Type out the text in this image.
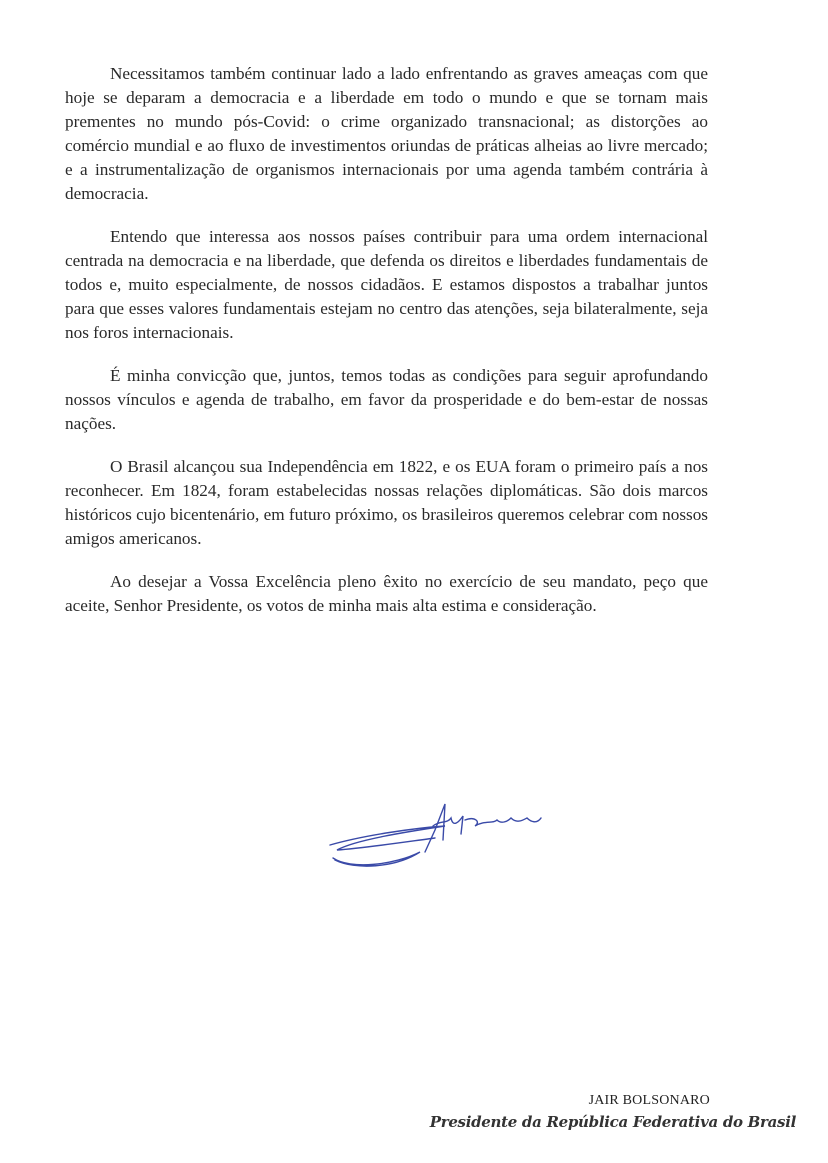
Necessitamos também continuar lado a lado enfrentando as graves ameaças com que hoje se deparam a democracia e a liberdade em todo o mundo e que se tornam mais prementes no mundo pós-Covid: o crime organizado transnacional; as distorções ao comércio mundial e ao fluxo de investimentos oriundas de práticas alheias ao livre mercado; e a instrumentalização de organismos internacionais por uma agenda também contrária à democracia.

Entendo que interessa aos nossos países contribuir para uma ordem internacional centrada na democracia e na liberdade, que defenda os direitos e liberdades fundamentais de todos e, muito especialmente, de nossos cidadãos. E estamos dispostos a trabalhar juntos para que esses valores fundamentais estejam no centro das atenções, seja bilateralmente, seja nos foros internacionais.

É minha convicção que, juntos, temos todas as condições para seguir aprofundando nossos vínculos e agenda de trabalho, em favor da prosperidade e do bem-estar de nossas nações.

O Brasil alcançou sua Independência em 1822, e os EUA foram o primeiro país a nos reconhecer. Em 1824, foram estabelecidas nossas relações diplomáticas. São dois marcos históricos cujo bicentenário, em futuro próximo, os brasileiros queremos celebrar com nossos amigos americanos.

Ao desejar a Vossa Excelência pleno êxito no exercício de seu mandato, peço que aceite, Senhor Presidente, os votos de minha mais alta estima e consideração.

JAIR BOLSONARO
Presidente da República Federativa do Brasil
